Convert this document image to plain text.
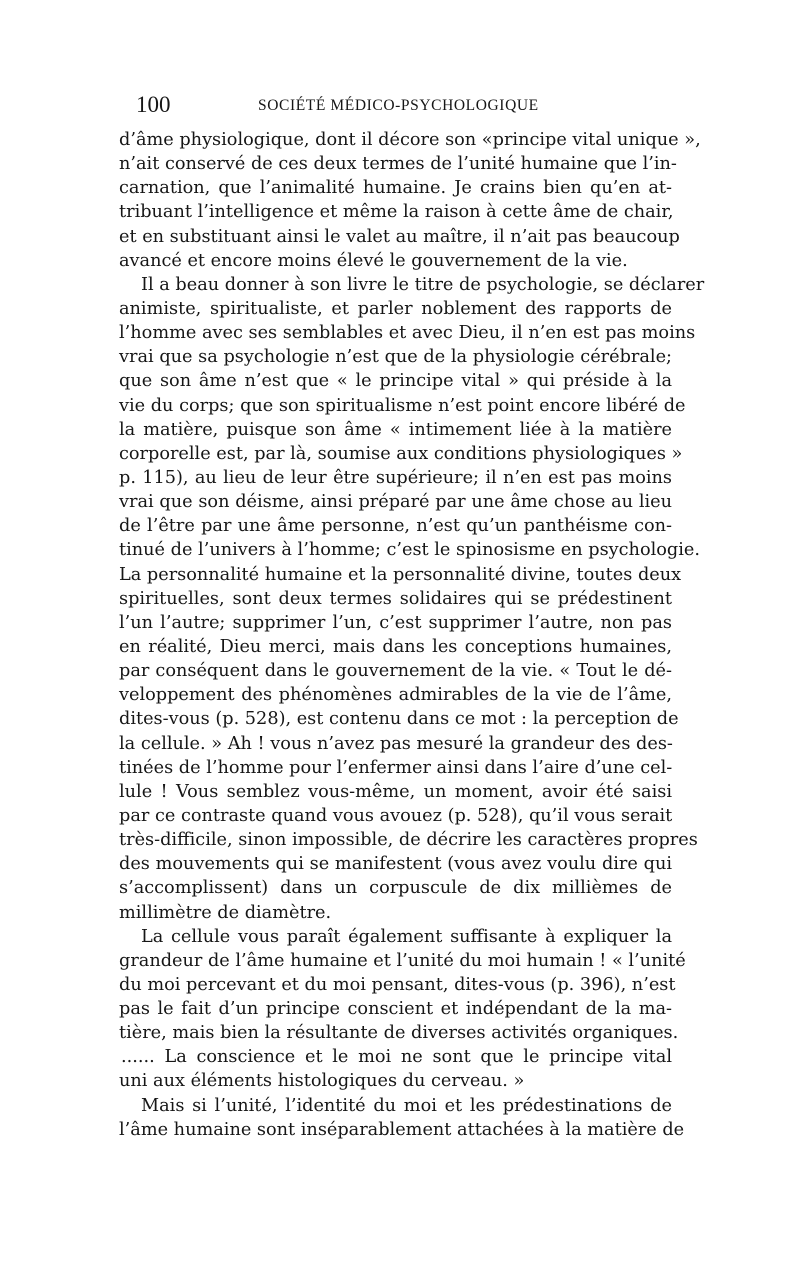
100	SOCIÉTÉ MÉDICO-PSYCHOLOGIQUE
d’âme physiologique, dont il décore son «principe vital unique »,
n’ait conservé de ces deux termes de l’unité humaine que l’in-
carnation, que l’animalité humaine. Je crains bien qu’en at-
tribuant l’intelligence et même la raison à cette âme de chair,
et en substituant ainsi le valet au maître, il n’ait pas beaucoup
avancé et encore moins élevé le gouvernement de la vie.
Il a beau donner à son livre le titre de psychologie, se déclarer
animiste, spiritualiste, et parler noblement des rapports de
l’homme avec ses semblables et avec Dieu, il n’en est pas moins
vrai que sa psychologie n’est que de la physiologie cérébrale;
que son âme n’est que « le principe vital » qui préside à la
vie du corps; que son spiritualisme n’est point encore libéré de
la matière, puisque son âme « intimement liée à la matière
corporelle est, par là, soumise aux conditions physiologiques »
p. 115), au lieu de leur être supérieure; il n’en est pas moins
vrai que son déisme, ainsi préparé par une âme chose au lieu
de l’être par une âme personne, n’est qu’un panthéisme con-
tinué de l’univers à l’homme; c’est le spinosisme en psychologie.
La personnalité humaine et la personnalité divine, toutes deux
spirituelles, sont deux termes solidaires qui se prédestinent
l’un l’autre; supprimer l’un, c’est supprimer l’autre, non pas
en réalité, Dieu merci, mais dans les conceptions humaines,
par conséquent dans le gouvernement de la vie. « Tout le dé-
veloppement des phénomènes admirables de la vie de l’âme,
dites-vous (p. 528), est contenu dans ce mot : la perception de
la cellule. » Ah ! vous n’avez pas mesuré la grandeur des des-
tinées de l’homme pour l’enfermer ainsi dans l’aire d’une cel-
lule ! Vous semblez vous-même, un moment, avoir été saisi
par ce contraste quand vous avouez (p. 528), qu’il vous serait
très-difficile, sinon impossible, de décrire les caractères propres
des mouvements qui se manifestent (vous avez voulu dire qui
s’accomplissent) dans un corpuscule de dix millièmes de
millimètre de diamètre.
La cellule vous paraît également suffisante à expliquer la
grandeur de l’âme humaine et l’unité du moi humain ! « l’unité
du moi percevant et du moi pensant, dites-vous (p. 396), n’est
pas le fait d’un principe conscient et indépendant de la ma-
tière, mais bien la résultante de diverses activités organiques.
...... La conscience et le moi ne sont que le principe vital
uni aux éléments histologiques du cerveau. »
Mais si l’unité, l’identité du moi et les prédestinations de
l’âme humaine sont inséparablement attachées à la matière de
